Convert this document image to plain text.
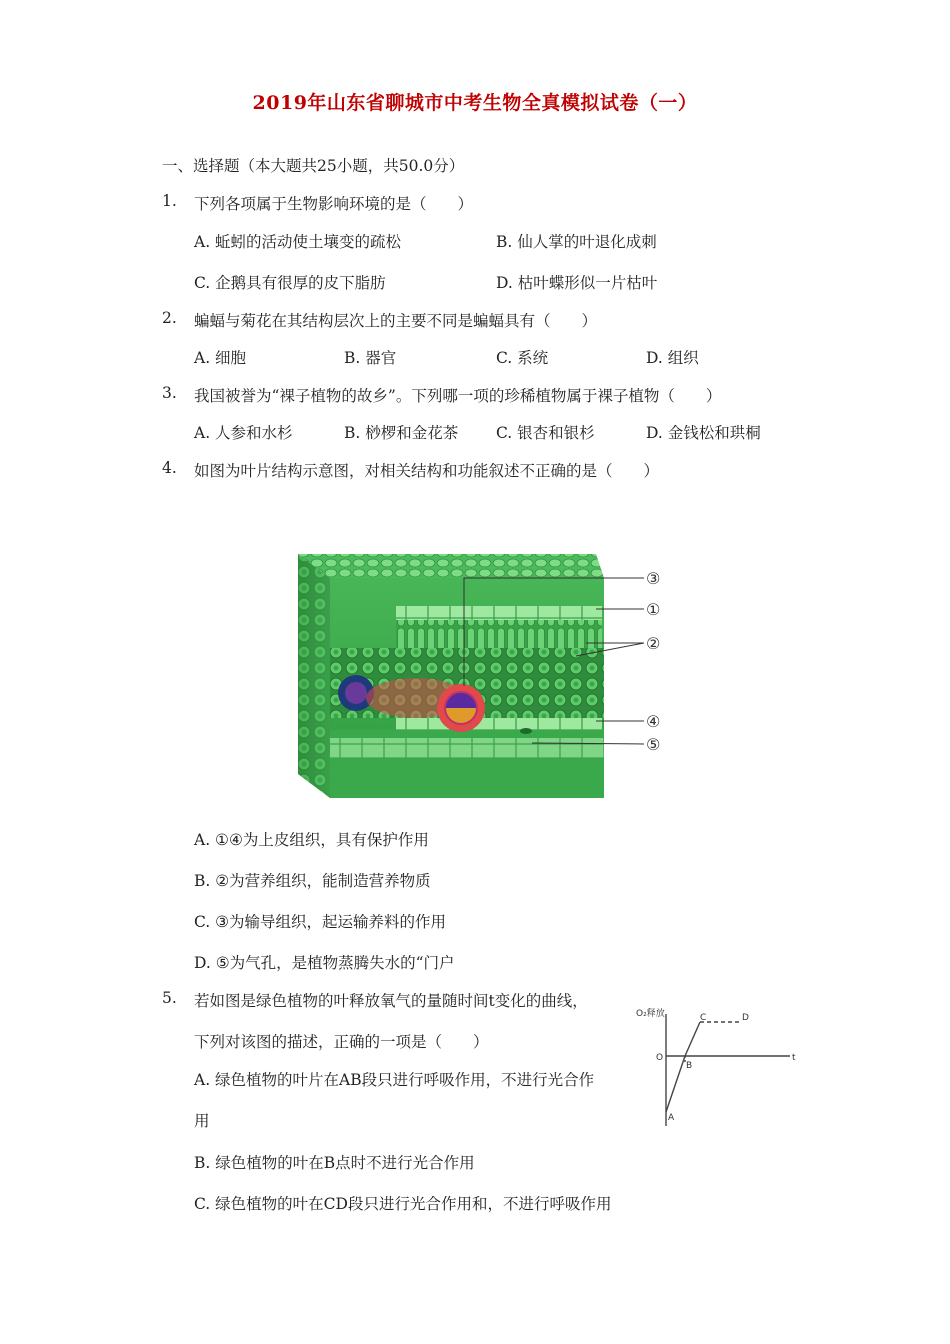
2019年山东省聊城市中考生物全真模拟试卷（一）
一、选择题（本大题共25小题，共50.0分）
1. 下列各项属于生物影响环境的是（　　）
A. 蚯蚓的活动使土壤变的疏松	B. 仙人掌的叶退化成刺
C. 企鹅具有很厚的皮下脂肪	D. 枯叶蝶形似一片枯叶
2. 蝙蝠与菊花在其结构层次上的主要不同是蝙蝠具有（　　）
A. 细胞	B. 器官	C. 系统	D. 组织
3. 我国被誉为“裸子植物的故乡”。下列哪一项的珍稀植物属于裸子植物（　　）
A. 人参和水杉	B. 桫椤和金花茶 C. 银杏和银杉	D. 金钱松和珙桐
4. 如图为叶片结构示意图，对相关结构和功能叙述不正确的是（　　）
③
①
②
④
⑤
A. ①④为上皮组织，具有保护作用
B. ②为营养组织，能制造营养物质
C. ③为输导组织，起运输养料的作用
D. ⑤为气孔，是植物蒸腾失水的“门户
5. 若如图是绿色植物的叶释放氧气的量随时间t变化的曲线，
下列对该图的描述，正确的一项是（　　）
A. 绿色植物的叶片在AB段只进行呼吸作用，不进行光合作
用
B. 绿色植物的叶在B点时不进行光合作用
C. 绿色植物的叶在CD段只进行光合作用和，不进行呼吸作用
O₂释放
O	t
A
B
C	D
